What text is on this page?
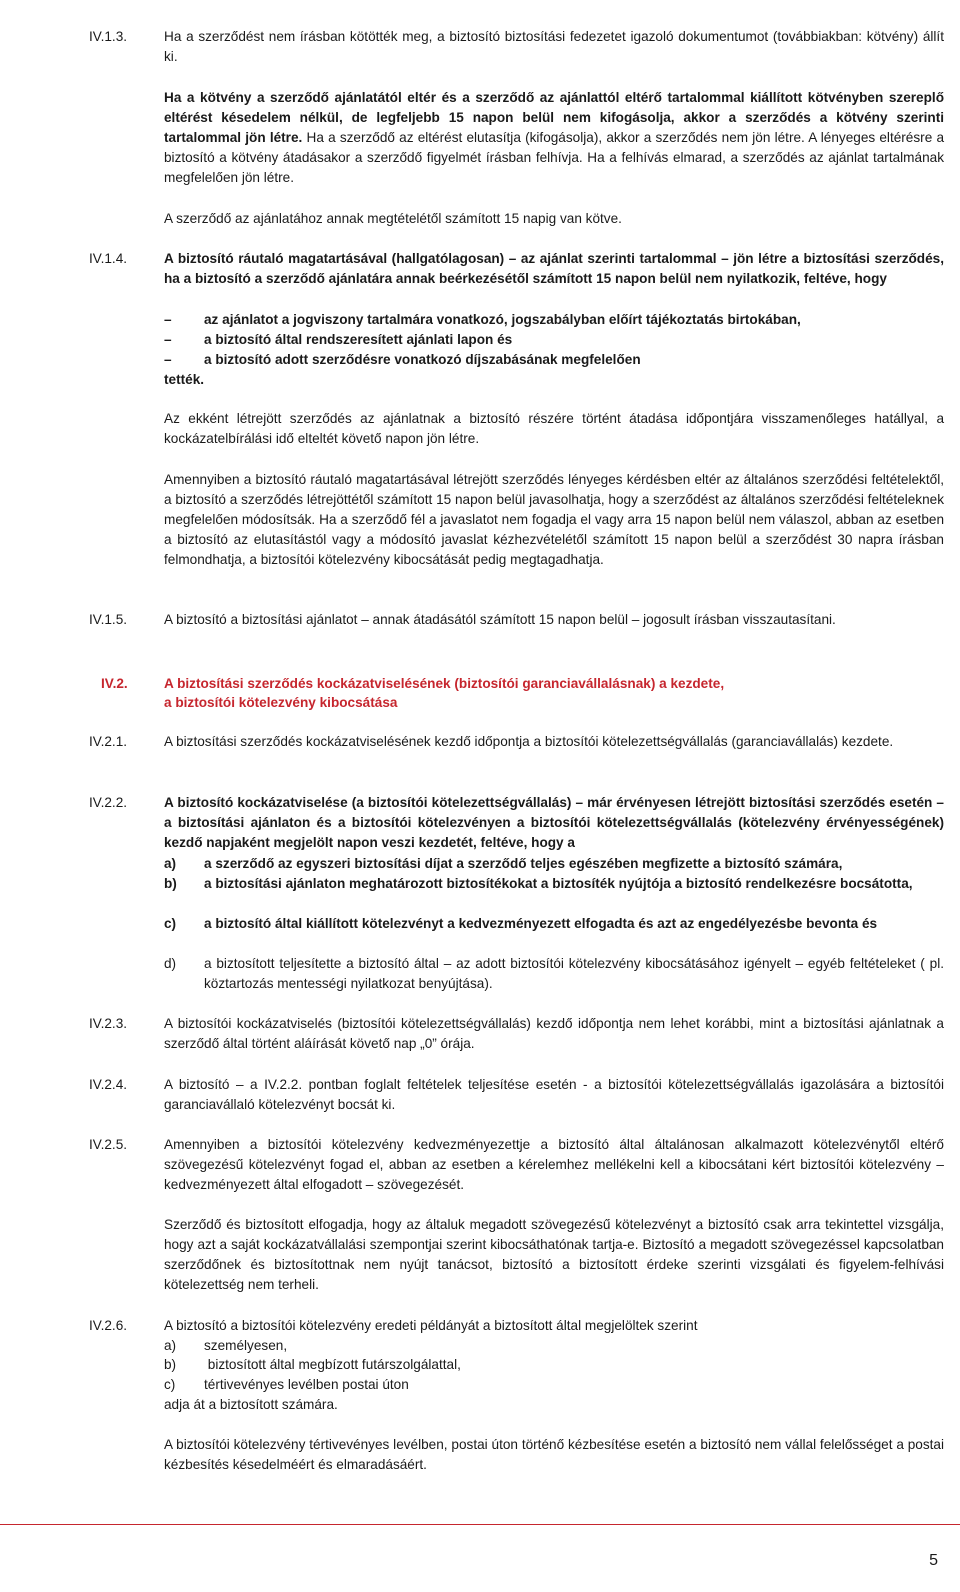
IV.1.3.	Ha a szerződést nem írásban kötötték meg, a biztosító biztosítási fedezetet igazoló dokumentumot (továbbiakban: kötvény) állít ki.

Ha a kötvény a szerződő ajánlatától eltér és a szerződő az ajánlattól eltérő tartalommal kiállított kötvényben szereplő eltérést késedelem nélkül, de legfeljebb 15 napon belül nem kifogásolja, akkor a szerződés a kötvény szerinti tartalommal jön létre. Ha a szerződő az eltérést elutasítja (kifogásolja), akkor a szerződés nem jön létre. A lényeges eltérésre a biztosító a kötvény átadásakor a szerződő figyelmét írásban felhívja. Ha a felhívás elmarad, a szerződés az ajánlat tartalmának megfelelően jön létre.

A szerződő az ajánlatához annak megtételétől számított 15 napig van kötve.

IV.1.4.	A biztosító ráutaló magatartásával (hallgatólagosan) – az ajánlat szerinti tartalommal – jön létre a biztosítási szerződés, ha a biztosító a szerződő ajánlatára annak beérkezésétől számított 15 napon belül nem nyilatkozik, feltéve, hogy
– az ajánlatot a jogviszony tartalmára vonatkozó, jogszabályban előírt tájékoztatás birtokában,
– a biztosító által rendszeresített ajánlati lapon és
– a biztosító adott szerződésre vonatkozó díjszabásának megfelelően
tették.
Az ekként létrejött szerződés az ajánlatnak a biztosító részére történt átadása időpontjára visszamenőleges hatállyal, a kockázatelbírálási idő elteltét követő napon jön létre.
Amennyiben a biztosító ráutaló magatartásával létrejött szerződés lényeges kérdésben eltér az általános szerződési feltételektől, a biztosító a szerződés létrejöttétől számított 15 napon belül javasolhatja, hogy a szerződést az általános szerződési feltételeknek megfelelően módosítsák. Ha a szerződő fél a javaslatot nem fogadja el vagy arra 15 napon belül nem válaszol, abban az esetben a biztosító az elutasítástól vagy a módosító javaslat kézhezvételétől számított 15 napon belül a szerződést 30 napra írásban felmondhatja, a biztosítói kötelezvény kibocsátását pedig megtagadhatja.
IV.1.5.	A biztosító a biztosítási ajánlatot – annak átadásától számított 15 napon belül – jogosult írásban visszautasítani.
IV.2.	A biztosítási szerződés kockázatviselésének (biztosítói garanciavállalásnak) a kezdete,
a biztosítói kötelezvény kibocsátása
IV.2.1.	A biztosítási szerződés kockázatviselésének kezdő időpontja a biztosítói kötelezettségvállalás (garanciavállalás) kezdete.
IV.2.2.	A biztosító kockázatviselése (a biztosítói kötelezettségvállalás) – már érvényesen létrejött biztosítási szerződés esetén – a biztosítási ajánlaton és a biztosítói kötelezvényen a biztosítói kötelezettségvállalás (kötelezvény érvényességének) kezdő napjaként megjelölt napon veszi kezdetét, feltéve, hogy a
a) a szerződő az egyszeri biztosítási díjat a szerződő teljes egészében megfizette a biztosító számára,
b) a biztosítási ajánlaton meghatározott biztosítékokat a biztosíték nyújtója a biztosító rendelkezésre bocsátotta,
c) a biztosító által kiállított kötelezvényt a kedvezményezett elfogadta és azt az engedélyezésbe bevonta és
d) a biztosított teljesítette a biztosító által – az adott biztosítói kötelezvény kibocsátásához igényelt – egyéb feltételeket ( pl. köztartozás mentességi nyilatkozat benyújtása).
IV.2.3.	A biztosítói kockázatviselés (biztosítói kötelezettségvállalás) kezdő időpontja nem lehet korábbi, mint a biztosítási ajánlatnak a szerződő által történt aláírását követő nap „0” órája.
IV.2.4.	A biztosító – a IV.2.2. pontban foglalt feltételek teljesítése esetén - a biztosítói kötelezettségvállalás igazolására a biztosítói garanciavállaló kötelezvényt bocsát ki.
IV.2.5.	Amennyiben a biztosítói kötelezvény kedvezményezettje a biztosító által általánosan alkalmazott kötelezvénytől eltérő szövegezésű kötelezvényt fogad el, abban az esetben a kérelemhez mellékelni kell a kibocsátani kért biztosítói kötelezvény – kedvezményezett által elfogadott – szövegezését.
Szerződő és biztosított elfogadja, hogy az általuk megadott szövegezésű kötelezvényt a biztosító csak arra tekintettel vizsgálja, hogy azt a saját kockázatvállalási szempontjai szerint kibocsáthatónak tartja-e. Biztosító a megadott szövegezéssel kapcsolatban szerződőnek és biztosítottnak nem nyújt tanácsot, biztosító a biztosított érdeke szerinti vizsgálati és figyelem-felhívási kötelezettség nem terheli.
IV.2.6.	A biztosító a biztosítói kötelezvény eredeti példányát a biztosított által megjelöltek szerint
a) személyesen,
b) biztosított által megbízott futárszolgálattal,
c) tértivevényes levélben postai úton
adja át a biztosított számára.
A biztosítói kötelezvény tértivevényes levélben, postai úton történő kézbesítése esetén a biztosító nem vállal felelősséget a postai kézbesítés késedelméért és elmaradásáért.
5
